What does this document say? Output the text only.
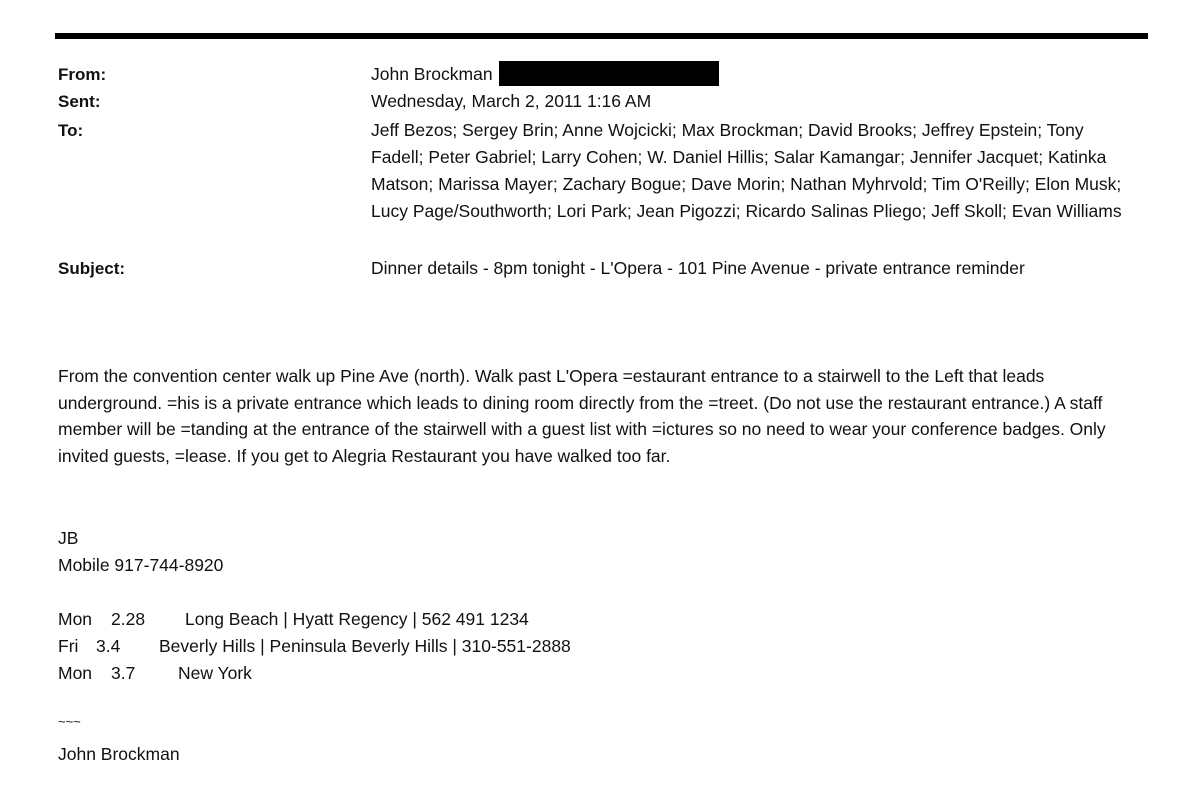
From:	John Brockman
Sent:	Wednesday, March 2, 2011 1:16 AM
To:	Jeff Bezos; Sergey Brin; Anne Wojcicki; Max Brockman; David Brooks; Jeffrey Epstein; Tony Fadell; Peter Gabriel; Larry Cohen; W. Daniel Hillis; Salar Kamangar; Jennifer Jacquet; Katinka Matson; Marissa Mayer; Zachary Bogue; Dave Morin; Nathan Myhrvold; Tim O'Reilly; Elon Musk; Lucy Page/Southworth; Lori Park; Jean Pigozzi; Ricardo Salinas Pliego; Jeff Skoll; Evan Williams
Subject:	Dinner details - 8pm tonight - L'Opera - 101 Pine Avenue - private entrance reminder
From the convention center walk up Pine Ave (north). Walk past L'Opera =estaurant entrance to a stairwell to the Left that leads underground. =his is a private entrance which leads to dining room directly from the =treet. (Do not use the restaurant entrance.) A staff member will be =tanding at the entrance of the stairwell with a guest list with =ictures so no need to wear your conference badges. Only invited guests, =lease. If you get to Alegria Restaurant you have walked too far.
JB
Mobile 917-744-8920
Mon 2.28 Long Beach | Hyatt Regency | 562 491 1234
Fri 3.4 Beverly Hills | Peninsula Beverly Hills | 310-551-2888
Mon 3.7 New York
~~~
John Brockman
